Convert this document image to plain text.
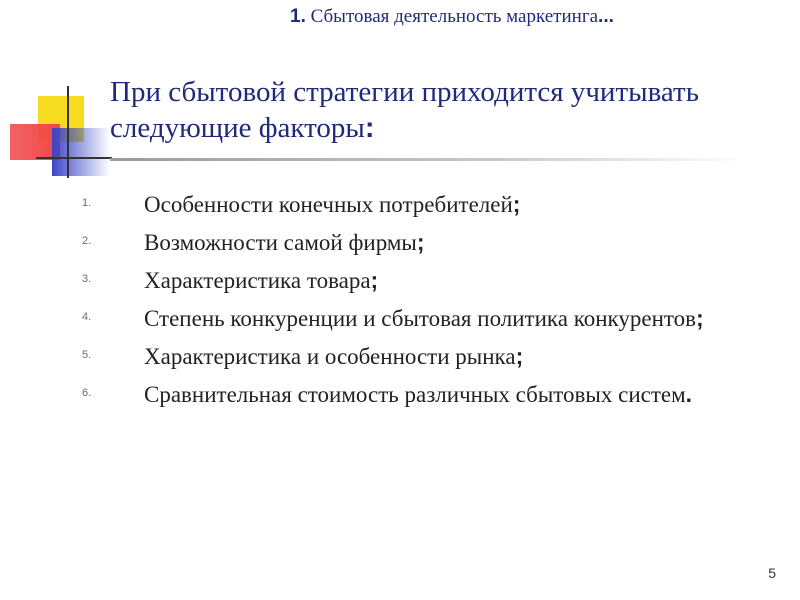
1. Сбытовая деятельность маркетинга...
При сбытовой стратегии приходится учитывать следующие факторы:
1. Особенности конечных потребителей;
2. Возможности самой фирмы;
3. Характеристика товара;
4. Степень конкуренции и сбытовая политика конкурентов;
5. Характеристика и особенности рынка;
6. Сравнительная стоимость различных сбытовых систем.
5
